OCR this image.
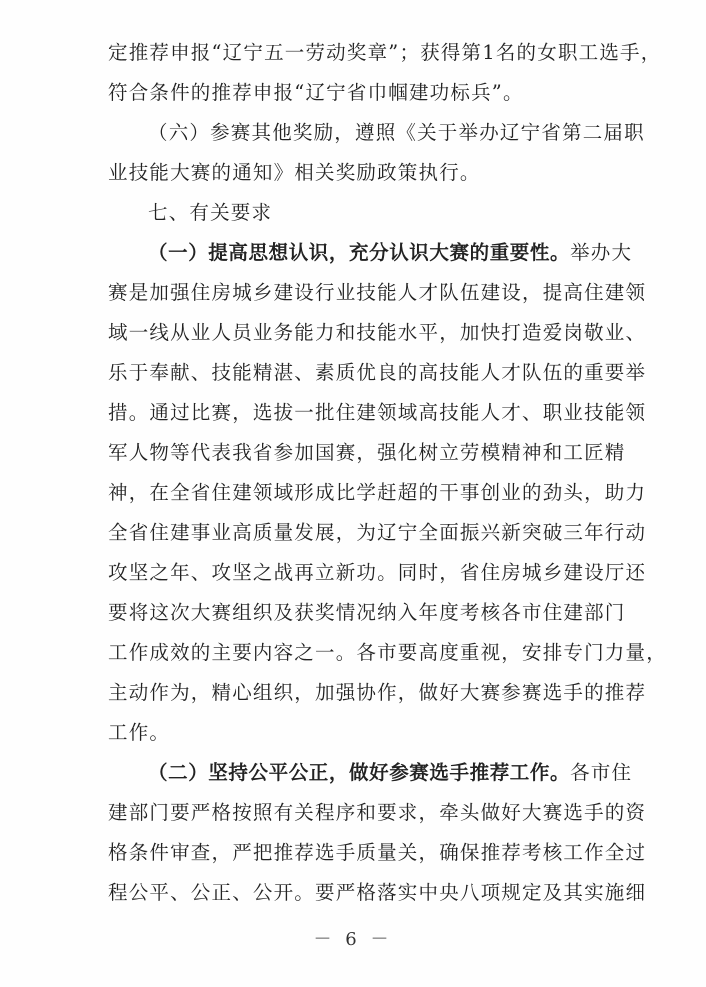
定推荐申报“辽宁五一劳动奖章”；获得第1名的女职工选手，
符合条件的推荐申报“辽宁省巾帼建功标兵”。
（六）参赛其他奖励，遵照《关于举办辽宁省第二届职
业技能大赛的通知》相关奖励政策执行。
七、有关要求
（一）提高思想认识，充分认识大赛的重要性。举办大
赛是加强住房城乡建设行业技能人才队伍建设，提高住建领
域一线从业人员业务能力和技能水平，加快打造爱岗敬业、
乐于奉献、技能精湛、素质优良的高技能人才队伍的重要举
措。通过比赛，选拔一批住建领域高技能人才、职业技能领
军人物等代表我省参加国赛，强化树立劳模精神和工匠精
神，在全省住建领域形成比学赶超的干事创业的劲头，助力
全省住建事业高质量发展，为辽宁全面振兴新突破三年行动
攻坚之年、攻坚之战再立新功。同时，省住房城乡建设厅还
要将这次大赛组织及获奖情况纳入年度考核各市住建部门
工作成效的主要内容之一。各市要高度重视，安排专门力量，
主动作为，精心组织，加强协作，做好大赛参赛选手的推荐
工作。
（二）坚持公平公正，做好参赛选手推荐工作。各市住
建部门要严格按照有关程序和要求，牵头做好大赛选手的资
格条件审查，严把推荐选手质量关，确保推荐考核工作全过
－ 6 －
程公平、公正、公开。要严格落实中央八项规定及其实施细
